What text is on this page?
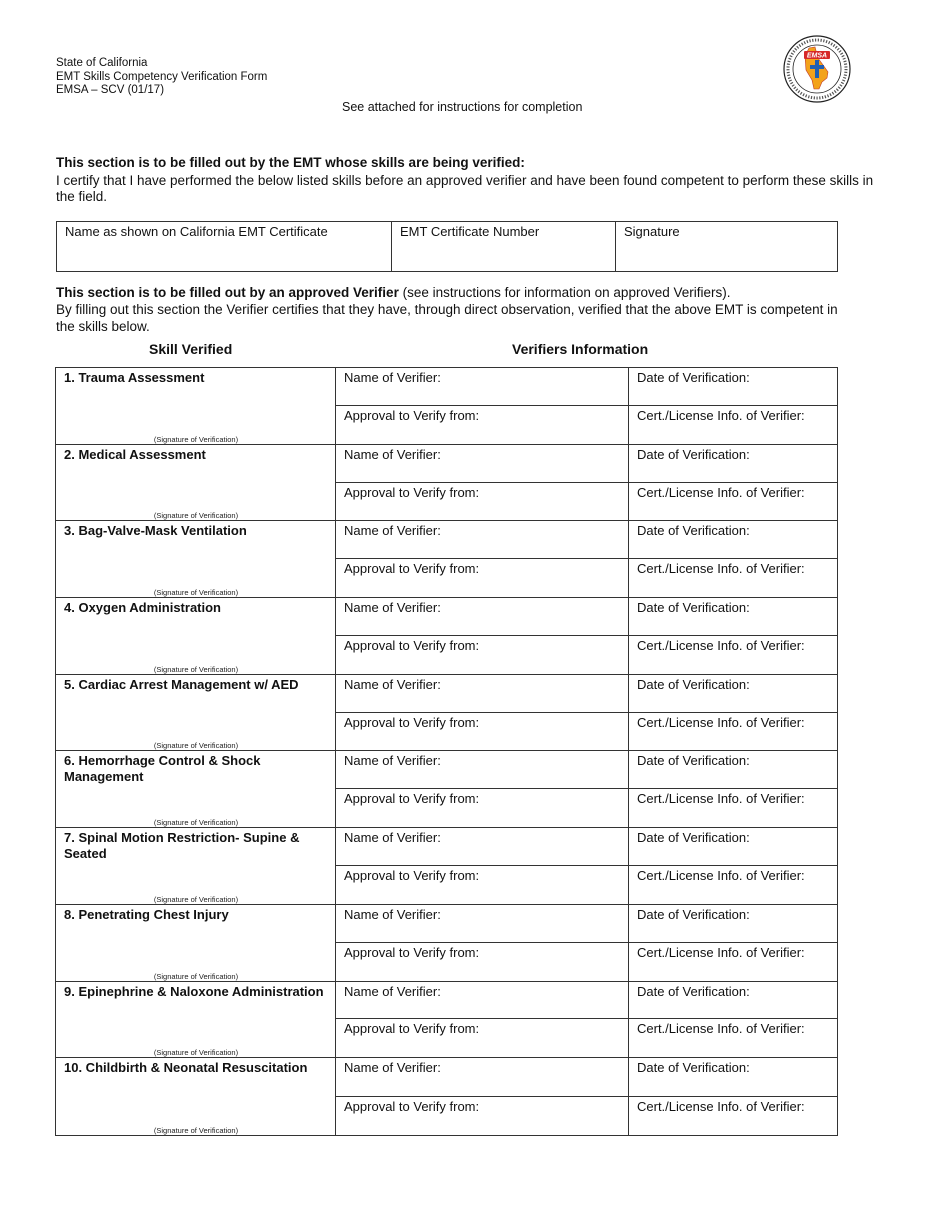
State of California
EMT Skills Competency Verification Form
EMSA – SCV (01/17)
See attached for instructions for completion
EMSA
This section is to be filled out by the EMT whose skills are being verified:
I certify that I have performed the below listed skills before an approved verifier and have been found competent to perform these skills in the field.
Name as shown on California EMT Certificate	EMT Certificate Number	Signature
This section is to be filled out by an approved Verifier (see instructions for information on approved Verifiers).
By filling out this section the Verifier certifies that they have, through direct observation, verified that the above EMT is competent in the skills below.
Skill Verified	Verifiers Information
1. Trauma Assessment
(Signature of Verification)
Name of Verifier:	Date of Verification:
Approval to Verify from:	Cert./License Info. of Verifier:
2. Medical Assessment
(Signature of Verification)
Name of Verifier:	Date of Verification:
Approval to Verify from:	Cert./License Info. of Verifier:
3. Bag-Valve-Mask Ventilation
(Signature of Verification)
Name of Verifier:	Date of Verification:
Approval to Verify from:	Cert./License Info. of Verifier:
4. Oxygen Administration
(Signature of Verification)
Name of Verifier:	Date of Verification:
Approval to Verify from:	Cert./License Info. of Verifier:
5. Cardiac Arrest Management w/ AED
(Signature of Verification)
Name of Verifier:	Date of Verification:
Approval to Verify from:	Cert./License Info. of Verifier:
6. Hemorrhage Control & Shock Management
(Signature of Verification)
Name of Verifier:	Date of Verification:
Approval to Verify from:	Cert./License Info. of Verifier:
7. Spinal Motion Restriction- Supine & Seated
(Signature of Verification)
Name of Verifier:	Date of Verification:
Approval to Verify from:	Cert./License Info. of Verifier:
8. Penetrating Chest Injury
(Signature of Verification)
Name of Verifier:	Date of Verification:
Approval to Verify from:	Cert./License Info. of Verifier:
9. Epinephrine & Naloxone Administration
(Signature of Verification)
Name of Verifier:	Date of Verification:
Approval to Verify from:	Cert./License Info. of Verifier:
10. Childbirth & Neonatal Resuscitation
(Signature of Verification)
Name of Verifier:	Date of Verification:
Approval to Verify from:	Cert./License Info. of Verifier:
